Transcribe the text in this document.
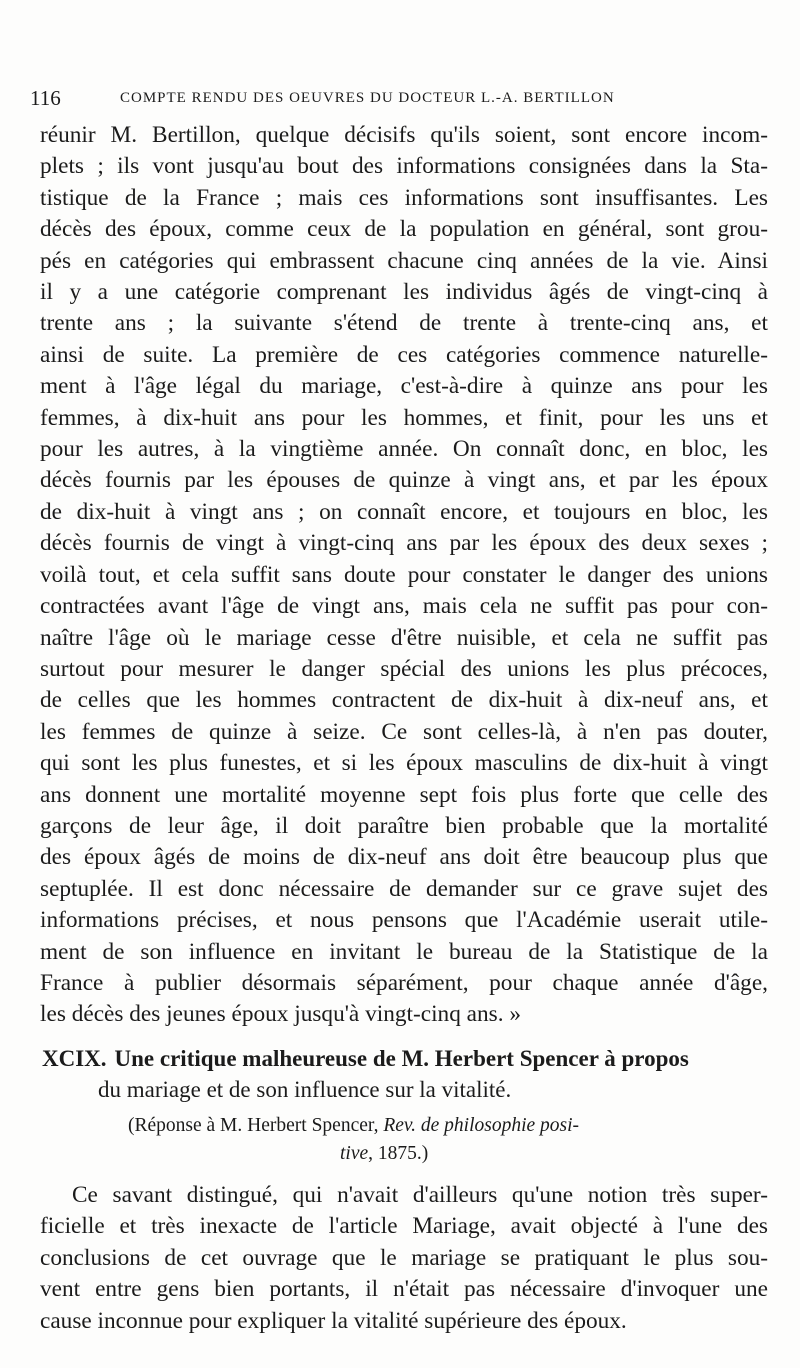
116	COMPTE RENDU DES OEUVRES DU DOCTEUR L.-A. BERTILLON
réunir M. Bertillon, quelque décisifs qu'ils soient, sont encore incom-
plets ; ils vont jusqu'au bout des informations consignées dans la Sta-
tistique de la France ; mais ces informations sont insuffisantes. Les
décès des époux, comme ceux de la population en général, sont grou-
pés en catégories qui embrassent chacune cinq années de la vie. Ainsi
il y a une catégorie comprenant les individus âgés de vingt-cinq à
trente ans ; la suivante s'étend de trente à trente-cinq ans, et
ainsi de suite. La première de ces catégories commence naturelle-
ment à l'âge légal du mariage, c'est-à-dire à quinze ans pour les
femmes, à dix-huit ans pour les hommes, et finit, pour les uns et
pour les autres, à la vingtième année. On connaît donc, en bloc, les
décès fournis par les épouses de quinze à vingt ans, et par les époux
de dix-huit à vingt ans ; on connaît encore, et toujours en bloc, les
décès fournis de vingt à vingt-cinq ans par les époux des deux sexes ;
voilà tout, et cela suffit sans doute pour constater le danger des unions
contractées avant l'âge de vingt ans, mais cela ne suffit pas pour con-
naître l'âge où le mariage cesse d'être nuisible, et cela ne suffit pas
surtout pour mesurer le danger spécial des unions les plus précoces,
de celles que les hommes contractent de dix-huit à dix-neuf ans, et
les femmes de quinze à seize. Ce sont celles-là, à n'en pas douter,
qui sont les plus funestes, et si les époux masculins de dix-huit à vingt
ans donnent une mortalité moyenne sept fois plus forte que celle des
garçons de leur âge, il doit paraître bien probable que la mortalité
des époux âgés de moins de dix-neuf ans doit être beaucoup plus que
septuplée. Il est donc nécessaire de demander sur ce grave sujet des
informations précises, et nous pensons que l'Académie userait utile-
ment de son influence en invitant le bureau de la Statistique de la
France à publier désormais séparément, pour chaque année d'âge,
les décès des jeunes époux jusqu'à vingt-cinq ans. »
XCIX. Une critique malheureuse de M. Herbert Spencer à propos
du mariage et de son influence sur la vitalité.
(Réponse à M. Herbert Spencer, Rev. de philosophie posi-
tive, 1875.)
Ce savant distingué, qui n'avait d'ailleurs qu'une notion très super-
ficielle et très inexacte de l'article Mariage, avait objecté à l'une des
conclusions de cet ouvrage que le mariage se pratiquant le plus sou-
vent entre gens bien portants, il n'était pas nécessaire d'invoquer une
cause inconnue pour expliquer la vitalité supérieure des époux.
